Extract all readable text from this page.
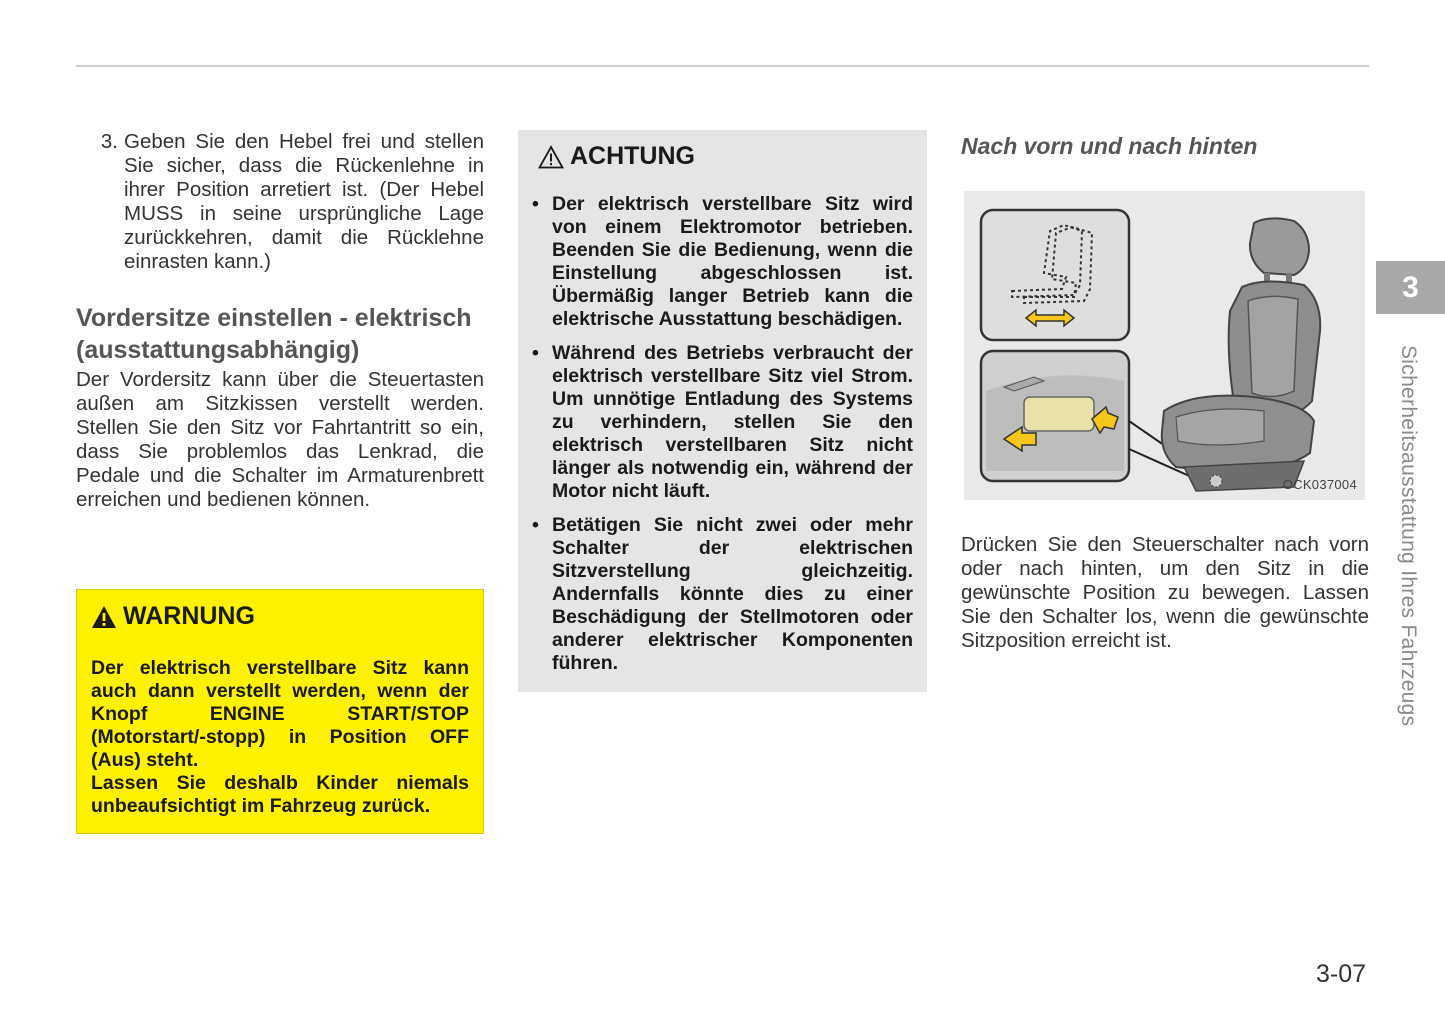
3. Geben Sie den Hebel frei und stellen Sie sicher, dass die Rückenlehne in ihrer Position arretiert ist. (Der Hebel MUSS in seine ursprüngliche Lage zurückkehren, damit die Rücklehne einrasten kann.)
Vordersitze einstellen - elektrisch (ausstattungsabhängig)

Der Vordersitz kann über die Steuertasten außen am Sitzkissen verstellt werden. Stellen Sie den Sitz vor Fahrtantritt so ein, dass Sie problemlos das Lenkrad, die Pedale und die Schalter im Armaturenbrett erreichen und bedienen können.

WARNUNG

Der elektrisch verstellbare Sitz kann auch dann verstellt werden, wenn der Knopf ENGINE START/STOP (Motorstart/-stopp) in Position OFF (Aus) steht.

Lassen Sie deshalb Kinder niemals unbeaufsichtigt im Fahrzeug zurück.

ACHTUNG
• Der elektrisch verstellbare Sitz wird von einem Elektromotor betrieben. Beenden Sie die Bedienung, wenn die Einstellung abgeschlossen ist. Übermäßig langer Betrieb kann die elektrische Ausstattung beschädigen.
• Während des Betriebs verbraucht der elektrisch verstellbare Sitz viel Strom. Um unnötige Entladung des Systems zu verhindern, stellen Sie den elektrisch verstellbaren Sitz nicht länger als notwendig ein, während der Motor nicht läuft.
• Betätigen Sie nicht zwei oder mehr Schalter der elektrischen Sitzverstellung gleichzeitig. Andernfalls könnte dies zu einer Beschädigung der Stellmotoren oder anderer elektrischer Komponenten führen.
Nach vorn und nach hinten
OCK037004

Drücken Sie den Steuerschalter nach vorn oder nach hinten, um den Sitz in die gewünschte Position zu bewegen. Lassen Sie den Schalter los, wenn die gewünschte Sitzposition erreicht ist.

3
Sicherheitsausstattung Ihres Fahrzeugs
3-07
